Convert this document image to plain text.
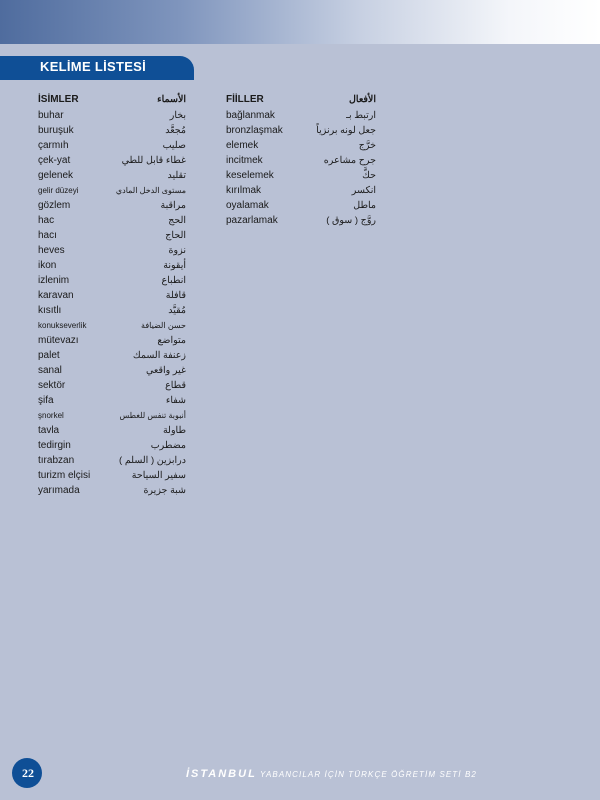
KELİME LİSTESİ
İSİMLER	الأسماء
buhar	بخار
buruşuk	مُجعَّد
çarmıh	صليب
çek-yat	غطاء قابل للطي
gelenek	تقليد
gelir düzeyi	مستوى الدخل المادي
gözlem	مراقبة
hac	الحج
hacı	الحاج
heves	نزوة
ikon	أيقونة
izlenim	انطباع
karavan	قافلة
kısıtlı	مُقيَّد
konukseverlik	حسن الضيافة
mütevazı	متواضع
palet	زعنفة السمك
sanal	غير واقعي
sektör	قطاع
şifa	شفاء
şnorkel	أنبوبة تنفس للغطس
tavla	طاولة
tedirgin	مضطرب
tırabzan	درابزين ( السلم )
turizm elçisi	سفير السياحة
yarımada	شبة جزيرة
FİİLLER	الأفعال
bağlanmak	ارتبط بـ
bronzlaşmak	جعل لونه برنزياً
elemek	خرَّج
incitmek	جرح مشاعره
keselemek	حكَّ
kırılmak	انكسر
oyalamak	ماطل
pazarlamak	روَّج ( سوق )
22	İSTANBUL YABANCILAR İÇİN TÜRKÇE ÖĞRETİM SETİ B2
